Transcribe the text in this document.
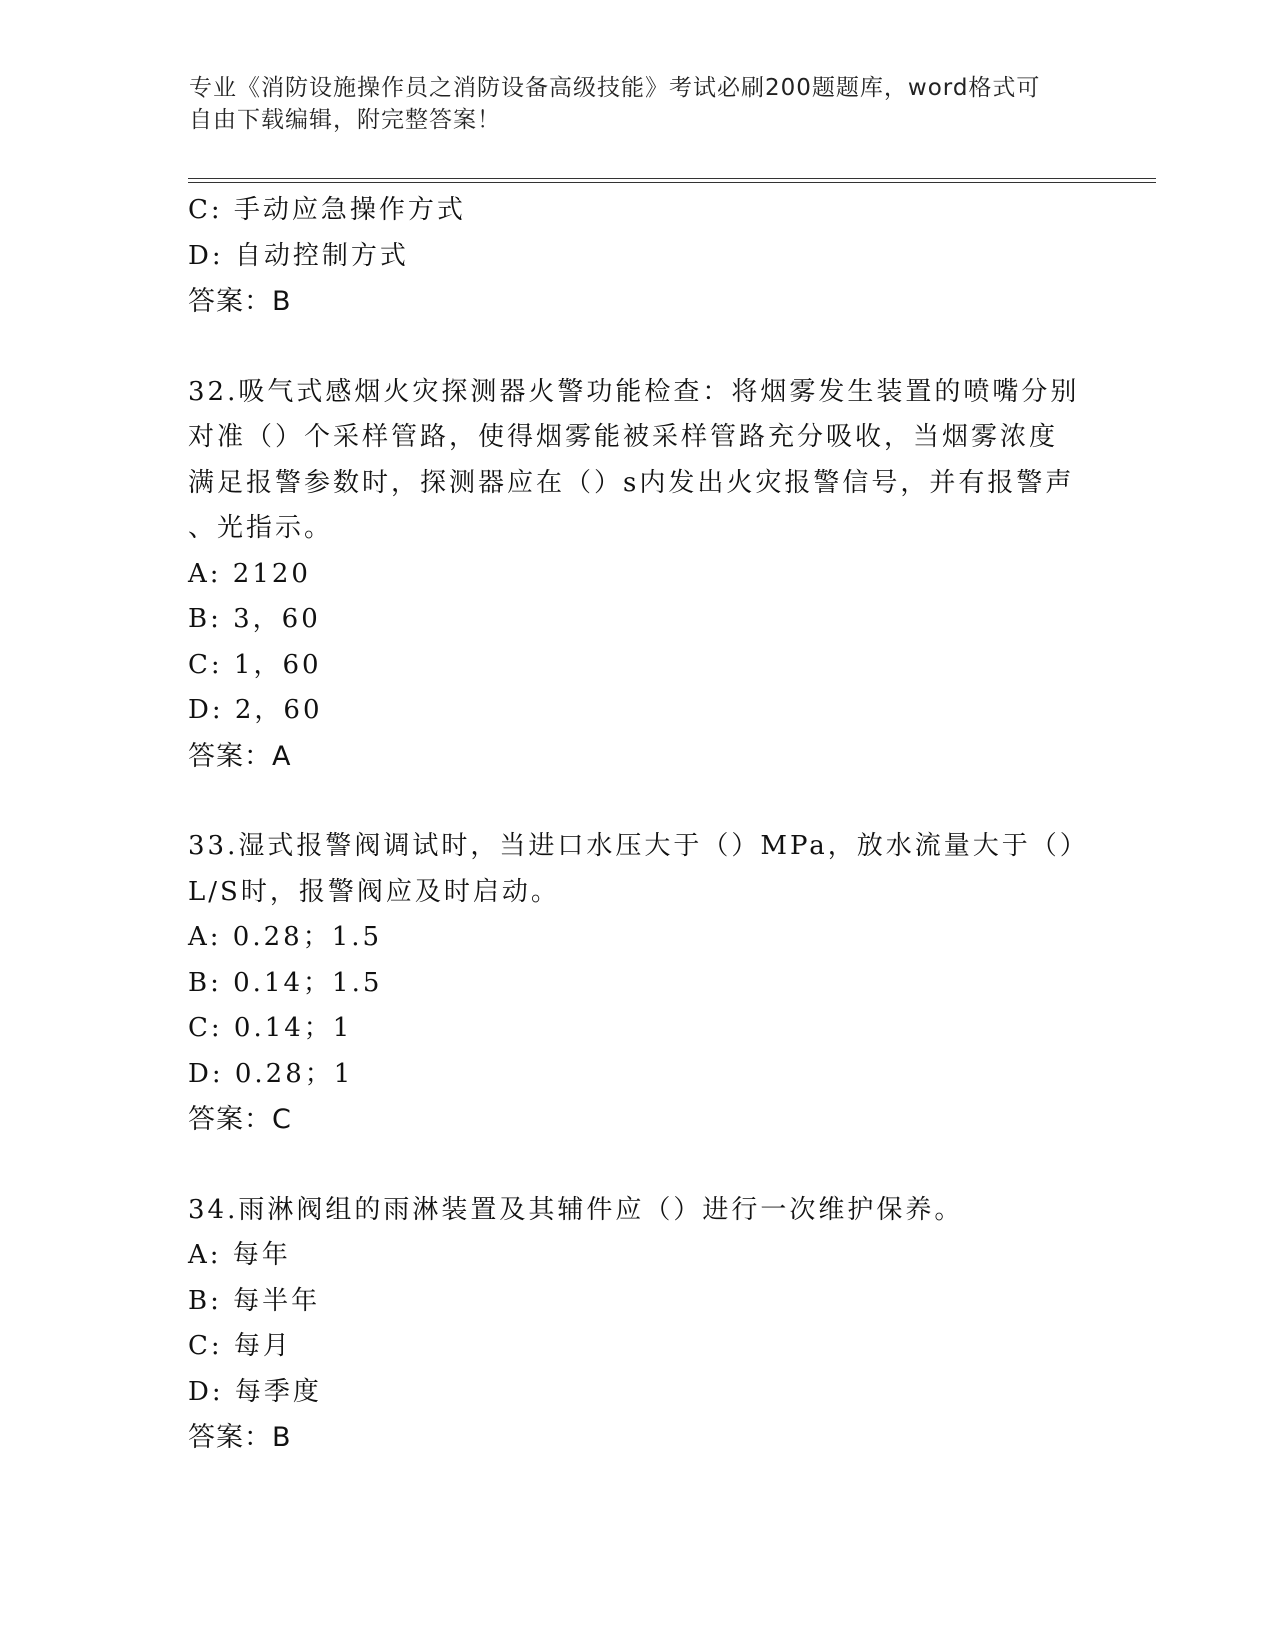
专业《消防设施操作员之消防设备高级技能》考试必刷200题题库，word格式可
自由下载编辑，附完整答案！
C: 手动应急操作方式
D: 自动控制方式
答案：B
32.吸气式感烟火灾探测器火警功能检查：将烟雾发生装置的喷嘴分别
对准（）个采样管路，使得烟雾能被采样管路充分吸收，当烟雾浓度
满足报警参数时，探测器应在（）s内发出火灾报警信号，并有报警声
、光指示。
A: 2120
B: 3，60
C: 1，60
D: 2，60
答案：A
33.湿式报警阀调试时，当进口水压大于（）MPa，放水流量大于（）
L/S时，报警阀应及时启动。
A: 0.28；1.5
B: 0.14；1.5
C: 0.14；1
D: 0.28；1
答案：C
34.雨淋阀组的雨淋装置及其辅件应（）进行一次维护保养。
A: 每年
B: 每半年
C: 每月
D: 每季度
答案：B
